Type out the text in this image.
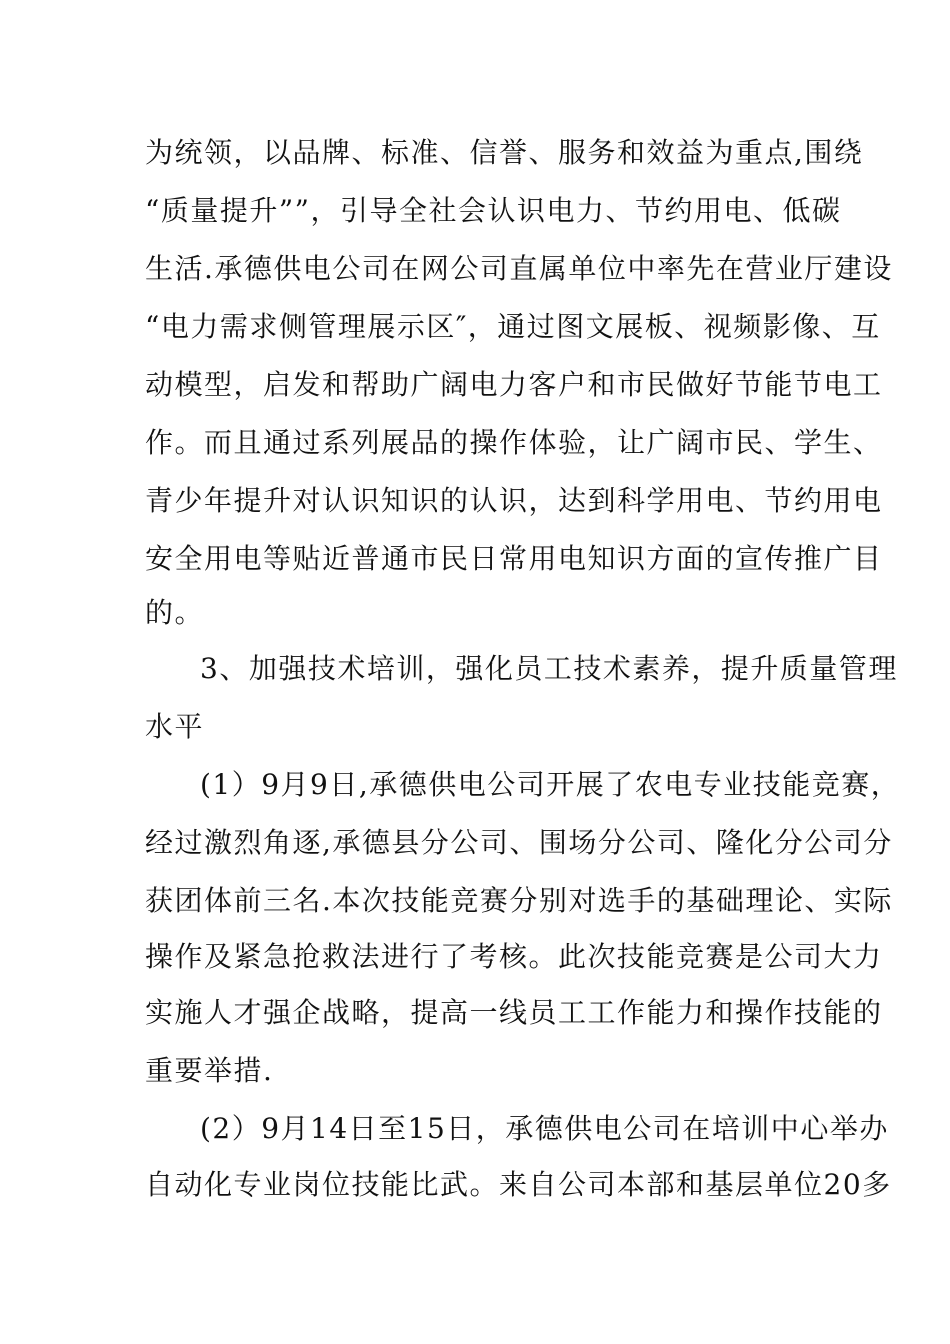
为统领，以品牌、标准、信誉、服务和效益为重点,围绕
“质量提升””，引导全社会认识电力、节约用电、低碳
生活.承德供电公司在网公司直属单位中率先在营业厅建设
“电力需求侧管理展示区″，通过图文展板、视频影像、互
动模型，启发和帮助广阔电力客户和市民做好节能节电工
作。而且通过系列展品的操作体验，让广阔市民、学生、
青少年提升对认识知识的认识，达到科学用电、节约用电
安全用电等贴近普通市民日常用电知识方面的宣传推广目
的。
3、加强技术培训，强化员工技术素养，提升质量管理
水平
(1）9月9日,承德供电公司开展了农电专业技能竞赛，
经过激烈角逐,承德县分公司、围场分公司、隆化分公司分
获团体前三名.本次技能竞赛分别对选手的基础理论、实际
操作及紧急抢救法进行了考核。此次技能竞赛是公司大力
实施人才强企战略，提高一线员工工作能力和操作技能的
重要举措.
(2）9月14日至15日，承德供电公司在培训中心举办
自动化专业岗位技能比武。来自公司本部和基层单位20多
